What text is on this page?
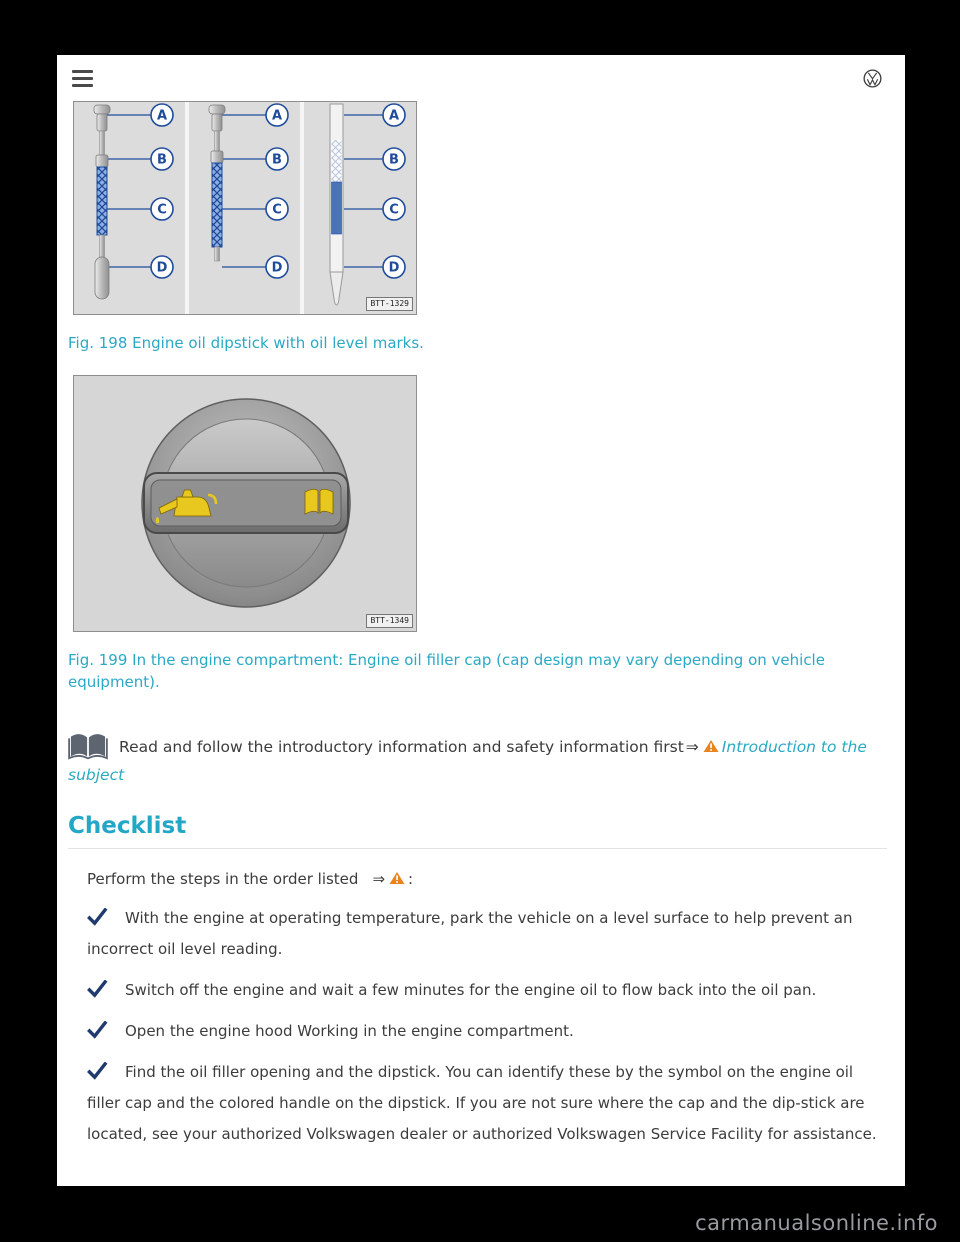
A
B
C
D
A
B
C
D
A
B
C
D
BTT-1329
Fig. 198 Engine oil dipstick with oil level marks.
BTT-1349
Fig. 199 In the engine compartment: Engine oil filler cap (cap design may vary depending on vehicle equipment).

Read and follow the introductory information and safety information first ⇒ Introduction to the subject

Checklist

Perform the steps in the order listed ⇒ :

With the engine at operating temperature, park the vehicle on a level surface to help prevent an incorrect oil level reading.

Switch off the engine and wait a few minutes for the engine oil to flow back into the oil pan.

Open the engine hood Working in the engine compartment.

Find the oil filler opening and the dipstick. You can identify these by the symbol on the engine oil filler cap and the colored handle on the dipstick. If you are not sure where the cap and the dip-stick are located, see your authorized Volkswagen dealer or authorized Volkswagen Service Facility for assistance.

carmanualsonline.info
